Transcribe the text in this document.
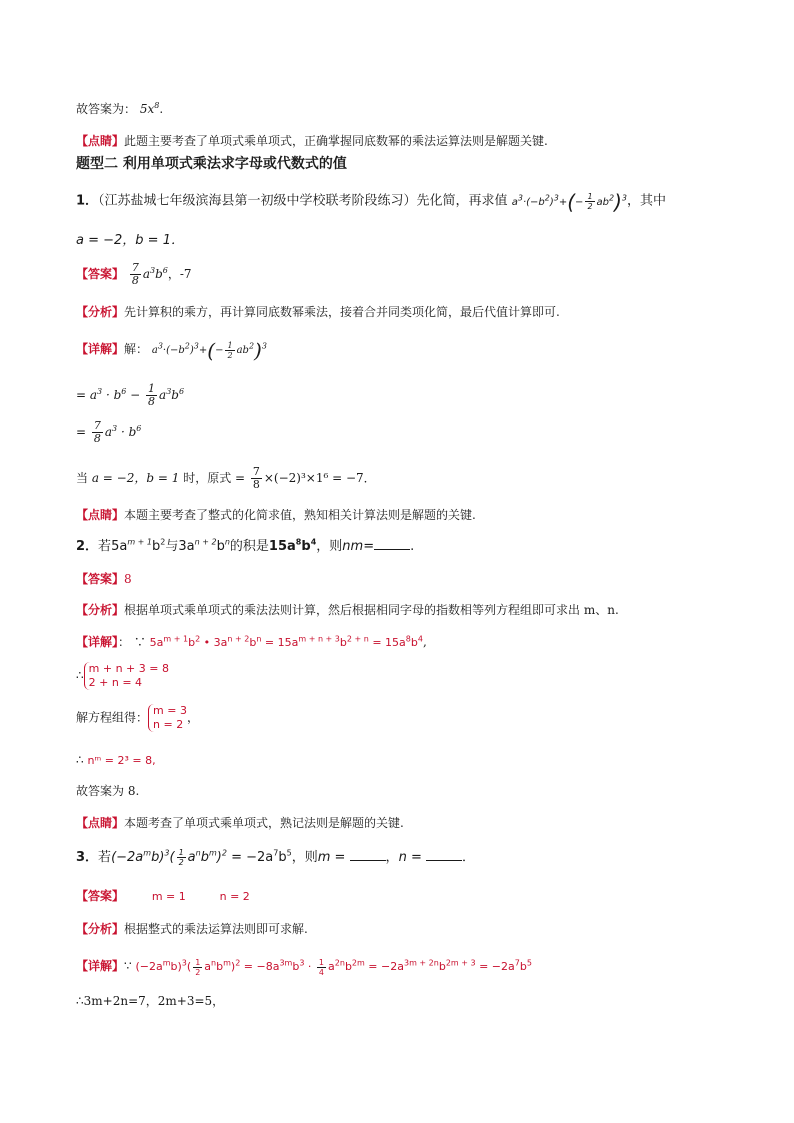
故答案为： $5x^8$.
【点睛】此题主要考查了单项式乘单项式，正确掌握同底数幂的乘法运算法则是解题关键.
题型二 利用单项式乘法求字母或代数式的值
1．（江苏盐城七年级滨海县第一初级中学校联考阶段练习）先化简，再求值 $a^3\cdot(-b^2)^3+(- \frac{1}{2} ab^2)^3$，其中
a = −2，b = 1．
【答案】 $\frac{7}{8} a^3b^6$，-7
【分析】先计算积的乘方，再计算同底数幂乘法，接着合并同类项化简，最后代值计算即可.
【详解】解： $a^3\cdot(-b^2)^3+(- \frac{1}{2} ab^2)^3$
= $a^3 \cdot b^6 - \frac{1}{8} a^3b^6$
= $\frac{7}{8} a^3 \cdot b^6$
当 a = −2，b = 1 时，原式 = $\frac{7}{8} \times(-2)^3\times 1^6 = -7$．
【点睛】本题主要考查了整式的化简求值，熟知相关计算法则是解题的关键.
2．若$5a^{m + 1}b^2$与$3a^{n + 2}b^n$的积是$15a^8b^4$，则nm=	.
【答案】8
【分析】根据单项式乘单项式的乘法法则计算，然后根据相同字母的指数相等列方程组即可求出 m、n.
【详解】： ∵ $5a^{m + 1}b^2$ • $3a^{n + 2}b^n = 15a^{m + n + 3}b^{2 + n} = 15a^8b^4$,
∴ m + n + 3 = 8
2 + n = 4
解方程组得： m = 3
n = 2 ，
∴ nᵐ = 2³ = 8,
故答案为 8.
【点睛】本题考查了单项式乘单项式，熟记法则是解题的关键.
3．若$(-2a^mb)^3( \frac{1}{2} a^nb^m)^2 = -2a^7b^5$，则m =	，n =	．
【答案】	m = 1	n = 2
【分析】根据整式的乘法运算法则即可求解.
【详解】∵ $(-2a^mb)^3( \frac{1}{2} a^nb^m)^2 = -8a^{3m}b^3 \cdot \frac{1}{4} a^{2n}b^{2m} = -2a^{3m + 2n}b^{2m + 3} = -2a^7b^5$
∴3m+2n=7，2m+3=5，
